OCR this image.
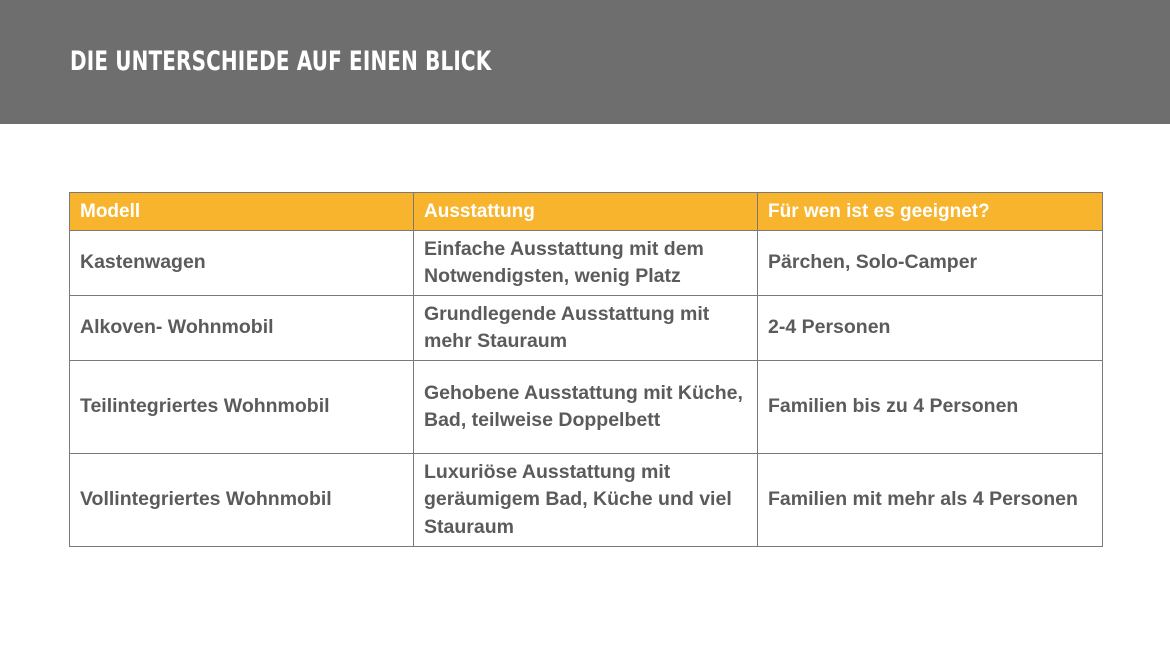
DIE UNTERSCHIEDE AUF EINEN BLICK
Modell	Ausstattung	Für wen ist es geeignet?
Kastenwagen	Einfache Ausstattung mit dem Notwendigsten, wenig Platz	Pärchen, Solo-Camper
Alkoven- Wohnmobil	Grundlegende Ausstattung mit mehr Stauraum	2-4 Personen
Teilintegriertes Wohnmobil	Gehobene Ausstattung mit Küche, Bad, teilweise Doppelbett	Familien bis zu 4 Personen
Vollintegriertes Wohnmobil	Luxuriöse Ausstattung mit geräumigem Bad, Küche und viel Stauraum	Familien mit mehr als 4 Personen
